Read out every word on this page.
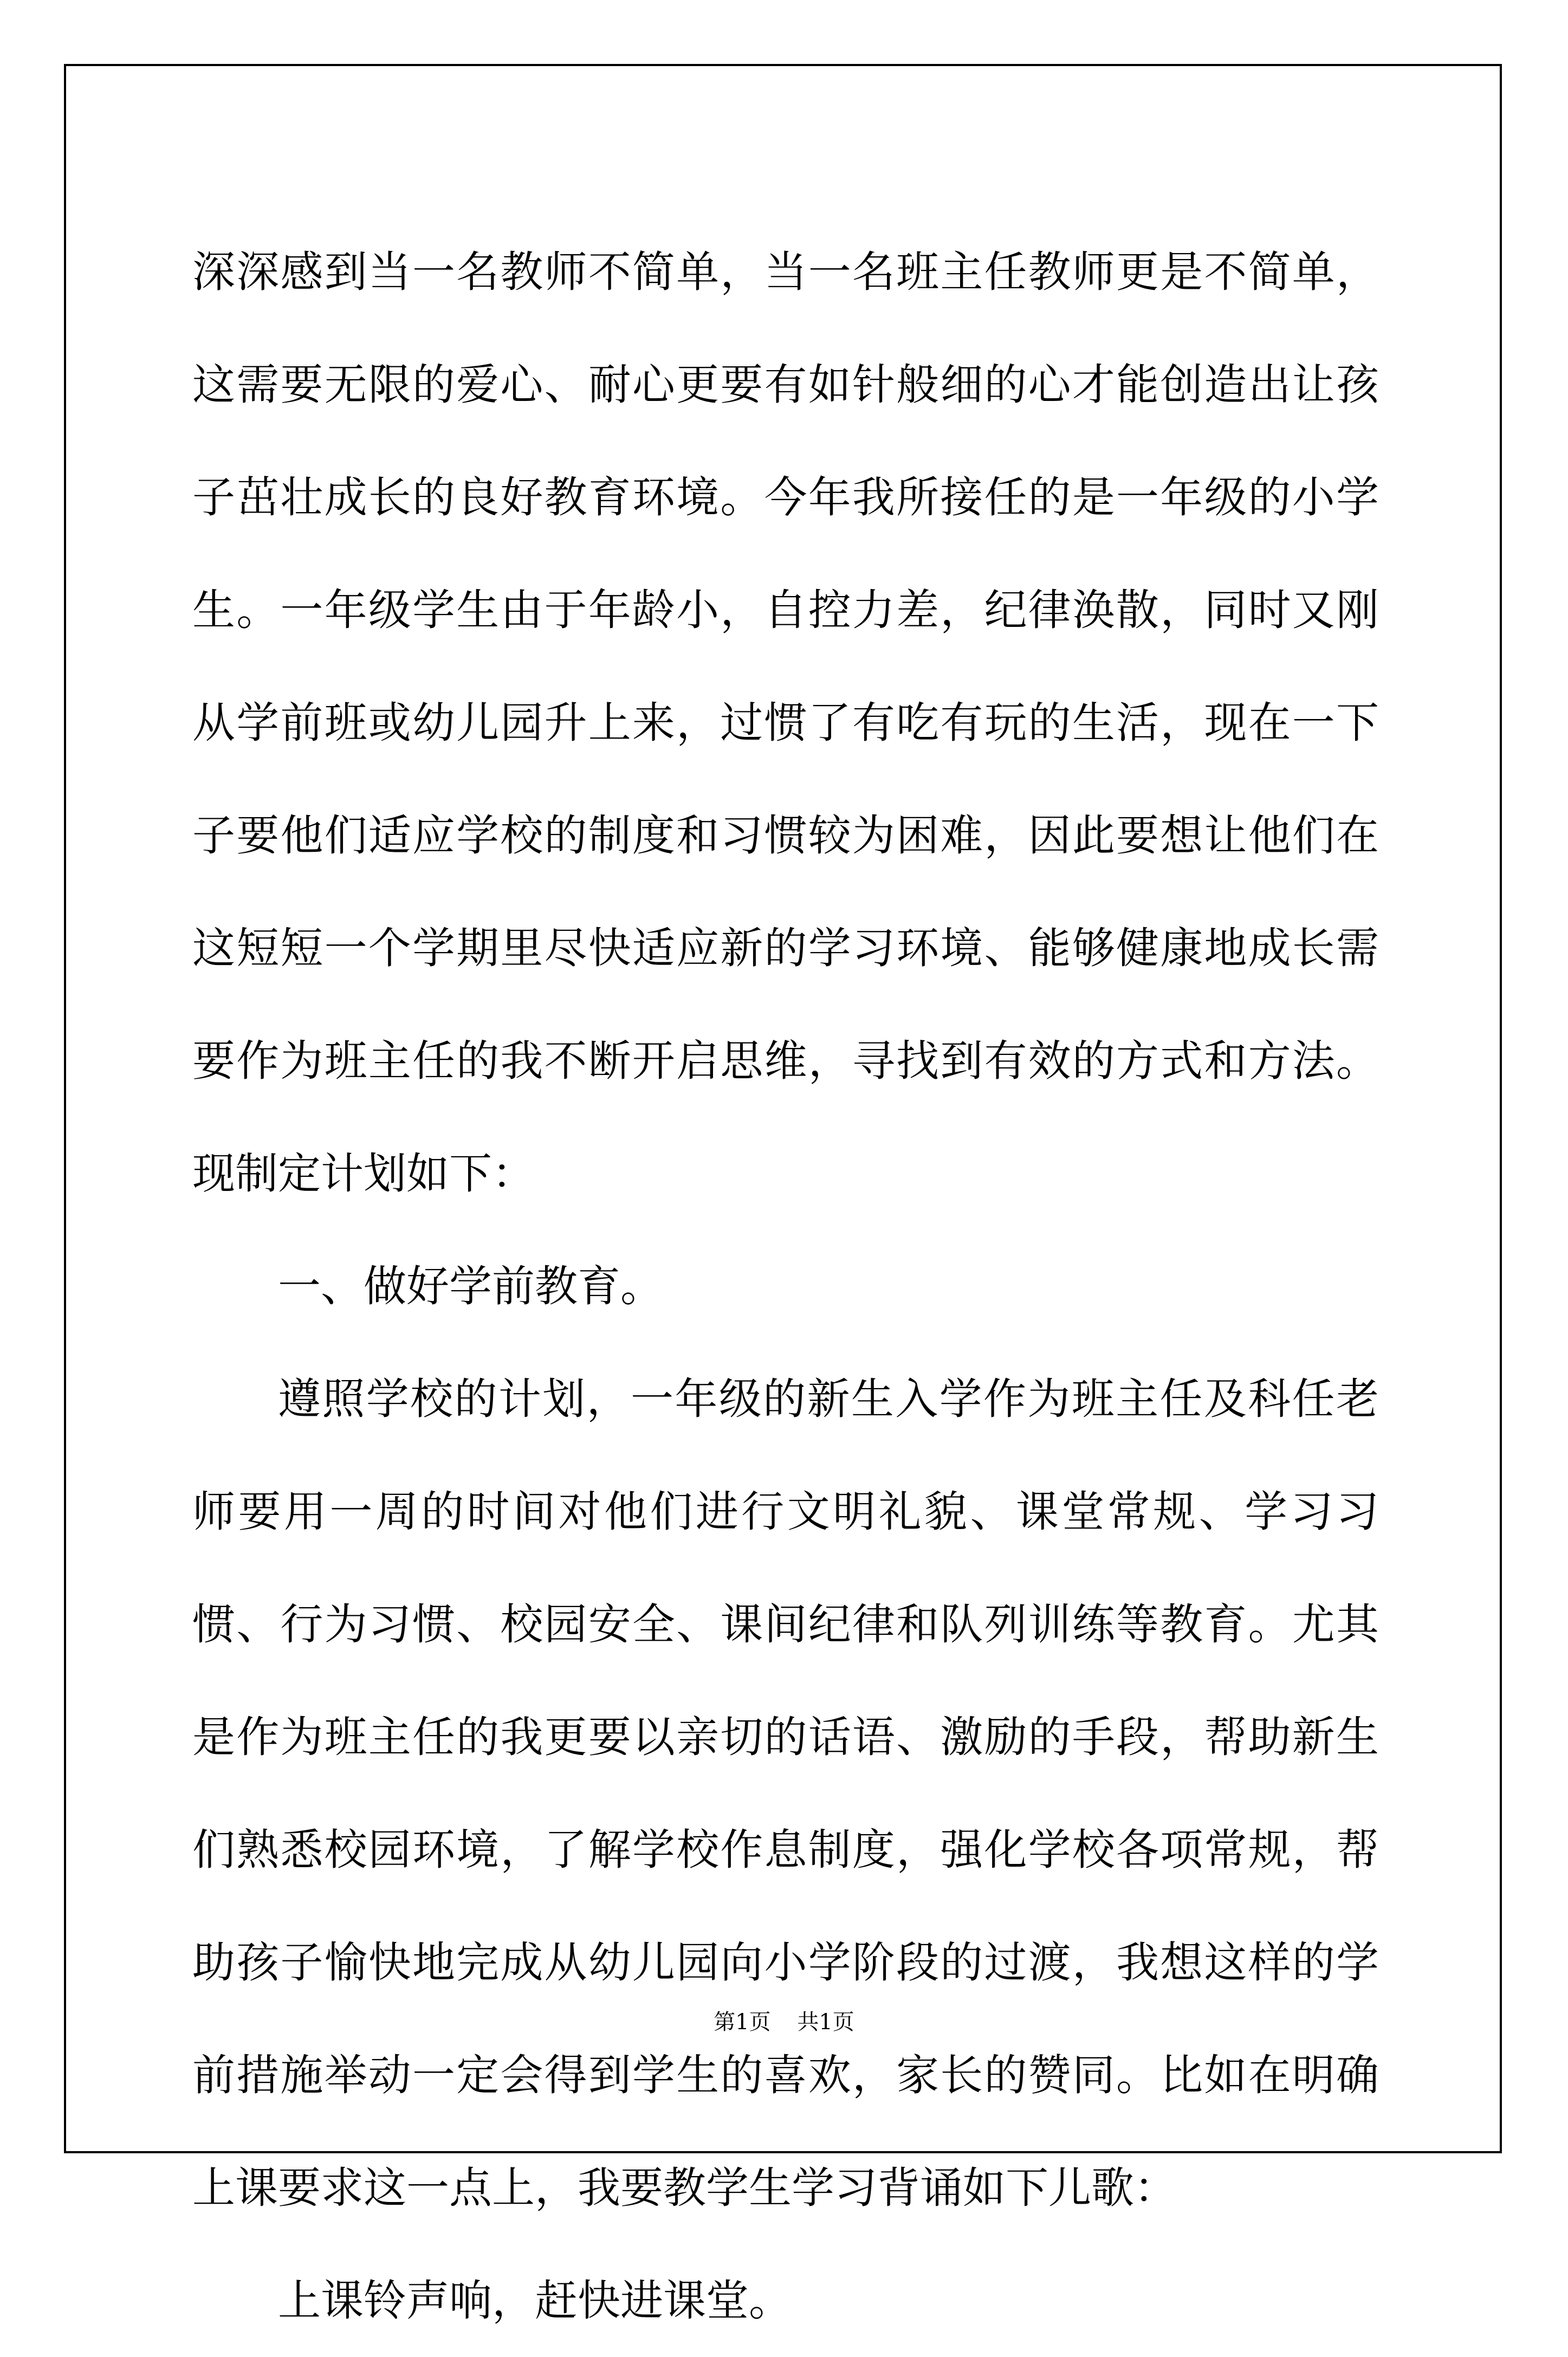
深深感到当一名教师不简单，当一名班主任教师更是不简单，这需要无限的爱心、耐心更要有如针般细的心才能创造出让孩子茁壮成长的良好教育环境。今年我所接任的是一年级的小学生。一年级学生由于年龄小，自控力差，纪律涣散，同时又刚从学前班或幼儿园升上来，过惯了有吃有玩的生活，现在一下子要他们适应学校的制度和习惯较为困难，因此要想让他们在这短短一个学期里尽快适应新的学习环境、能够健康地成长需要作为班主任的我不断开启思维，寻找到有效的方式和方法。现制定计划如下：

一、做好学前教育。

遵照学校的计划，一年级的新生入学作为班主任及科任老师要用一周的时间对他们进行文明礼貌、课堂常规、学习习惯、行为习惯、校园安全、课间纪律和队列训练等教育。尤其是作为班主任的我更要以亲切的话语、激励的手段，帮助新生们熟悉校园环境，了解学校作息制度，强化学校各项常规，帮助孩子愉快地完成从幼儿园向小学阶段的过渡，我想这样的学前措施举动一定会得到学生的喜欢，家长的赞同。比如在明确上课要求这一点上，我要教学生学习背诵如下儿歌：

上课铃声响，赶快进课堂。

第1页 共1页
